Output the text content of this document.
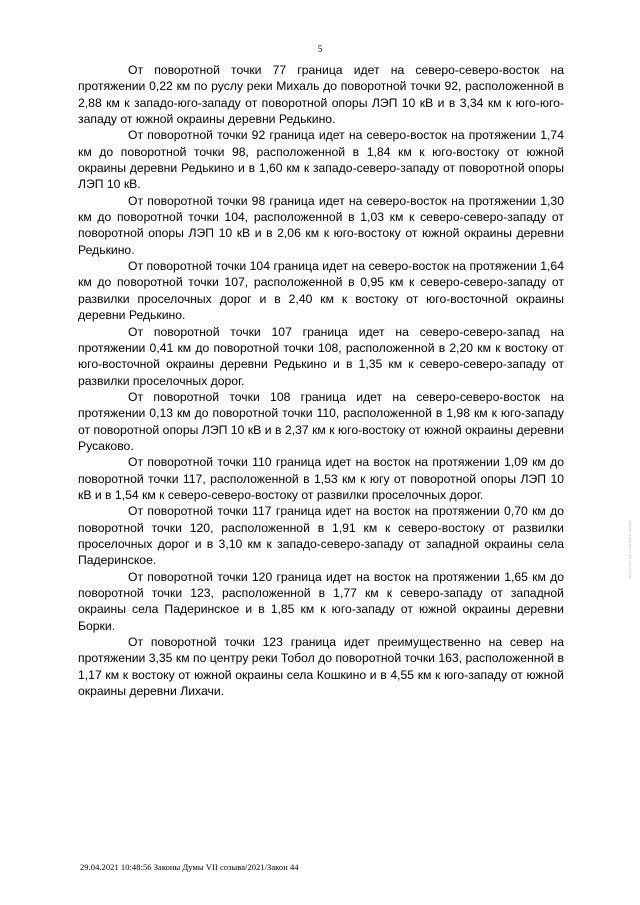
5

От поворотной точки 77 граница идет на северо-северо-восток на протяжении 0,22 км по руслу реки Михаль до поворотной точки 92, расположенной в 2,88 км к западо-юго-западу от поворотной опоры ЛЭП 10 кВ и в 3,34 км к юго-юго-западу от южной окраины деревни Редькино.

От поворотной точки 92 граница идет на северо-восток на протяжении 1,74 км до поворотной точки 98, расположенной в 1,84 км к юго-востоку от южной окраины деревни Редькино и в 1,60 км к западо-северо-западу от поворотной опоры ЛЭП 10 кВ.

От поворотной точки 98 граница идет на северо-восток на протяжении 1,30 км до поворотной точки 104, расположенной в 1,03 км к северо-северо-западу от поворотной опоры ЛЭП 10 кВ и в 2,06 км к юго-востоку от южной окраины деревни Редькино.

От поворотной точки 104 граница идет на северо-восток на протяжении 1,64 км до поворотной точки 107, расположенной в 0,95 км к северо-северо-западу от развилки проселочных дорог и в 2,40 км к востоку от юго-восточной окраины деревни Редькино.

От поворотной точки 107 граница идет на северо-северо-запад на протяжении 0,41 км до поворотной точки 108, расположенной в 2,20 км к востоку от юго-восточной окраины деревни Редькино и в 1,35 км к северо-северо-западу от развилки проселочных дорог.

От поворотной точки 108 граница идет на северо-северо-восток на протяжении 0,13 км до поворотной точки 110, расположенной в 1,98 км к юго-западу от поворотной опоры ЛЭП 10 кВ и в 2,37 км к юго-востоку от южной окраины деревни Русаково.

От поворотной точки 110 граница идет на восток на протяжении 1,09 км до поворотной точки 117, расположенной в 1,53 км к югу от поворотной опоры ЛЭП 10 кВ и в 1,54 км к северо-северо-востоку от развилки проселочных дорог.

От поворотной точки 117 граница идет на восток на протяжении 0,70 км до поворотной точки 120, расположенной в 1,91 км к северо-востоку от развилки проселочных дорог и в 3,10 км к западо-северо-западу от западной окраины села Падеринское.

От поворотной точки 120 граница идет на восток на протяжении 1,65 км до поворотной точки 123, расположенной в 1,77 км к северо-западу от западной окраины села Падеринское и в 1,85 км к юго-западу от южной окраины деревни Борки.

От поворотной точки 123 граница идет преимущественно на север на протяжении 3,35 км по центру реки Тобол до поворотной точки 163, расположенной в 1,17 км к востоку от южной окраины села Кошкино и в 4,55 км к юго-западу от южной окраины деревни Лихачи.

29.04.2021 10:48:56 Законы Думы VII созыва/2021/Закон 44
Закон Курганской области
